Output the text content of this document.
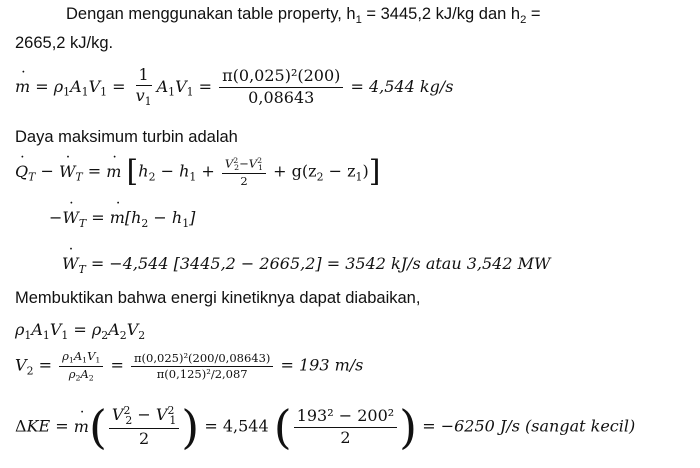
Dengan menggunakan table property, $h_1 = 3445,2$ kJ/kg dan $h_2$ =
2665,2 kJ/kg.
˙ $m = \rho_1A_1V_1 = \frac{1}{v_1} A_1V_1 = \frac{\text{π(0,025)²(200)}}{0,08643} = 4,544$ kg/s
Daya maksimum turbin adalah
˙ $Q_T$ − ˙ $W_T$ = ˙ m $[h_2 - h_1 + \frac{V^2_2-V^2_1}{2} + g(z_2 - z_1)]$
−˙ $W_T$ = ˙ $m[h_2 - h_1]$
˙ $W_T = -4,544$ [3445,2 − 2665,2] = 3542 kJ/s atau 3,542 MW
Membuktikan bahwa energi kinetiknya dapat diabaikan,
$\rho_1A_1V_1 = \rho_2A_2V_2$
$V_2 = \frac{\rho_1A_1V_1}{\rho_2A_2} = \frac{\text{π(0,025)²(200/0,08643)}}{\text{π(0,125)²/2,087}} = 193$ m/s
ΔKE = ˙ $m( \frac{V^2_2 - V^2_1}{2}$ ) = 4,544 ( $\frac{\text{193² − 200²}}{2}$ ) = −6250 J/s (sangat kecil)
